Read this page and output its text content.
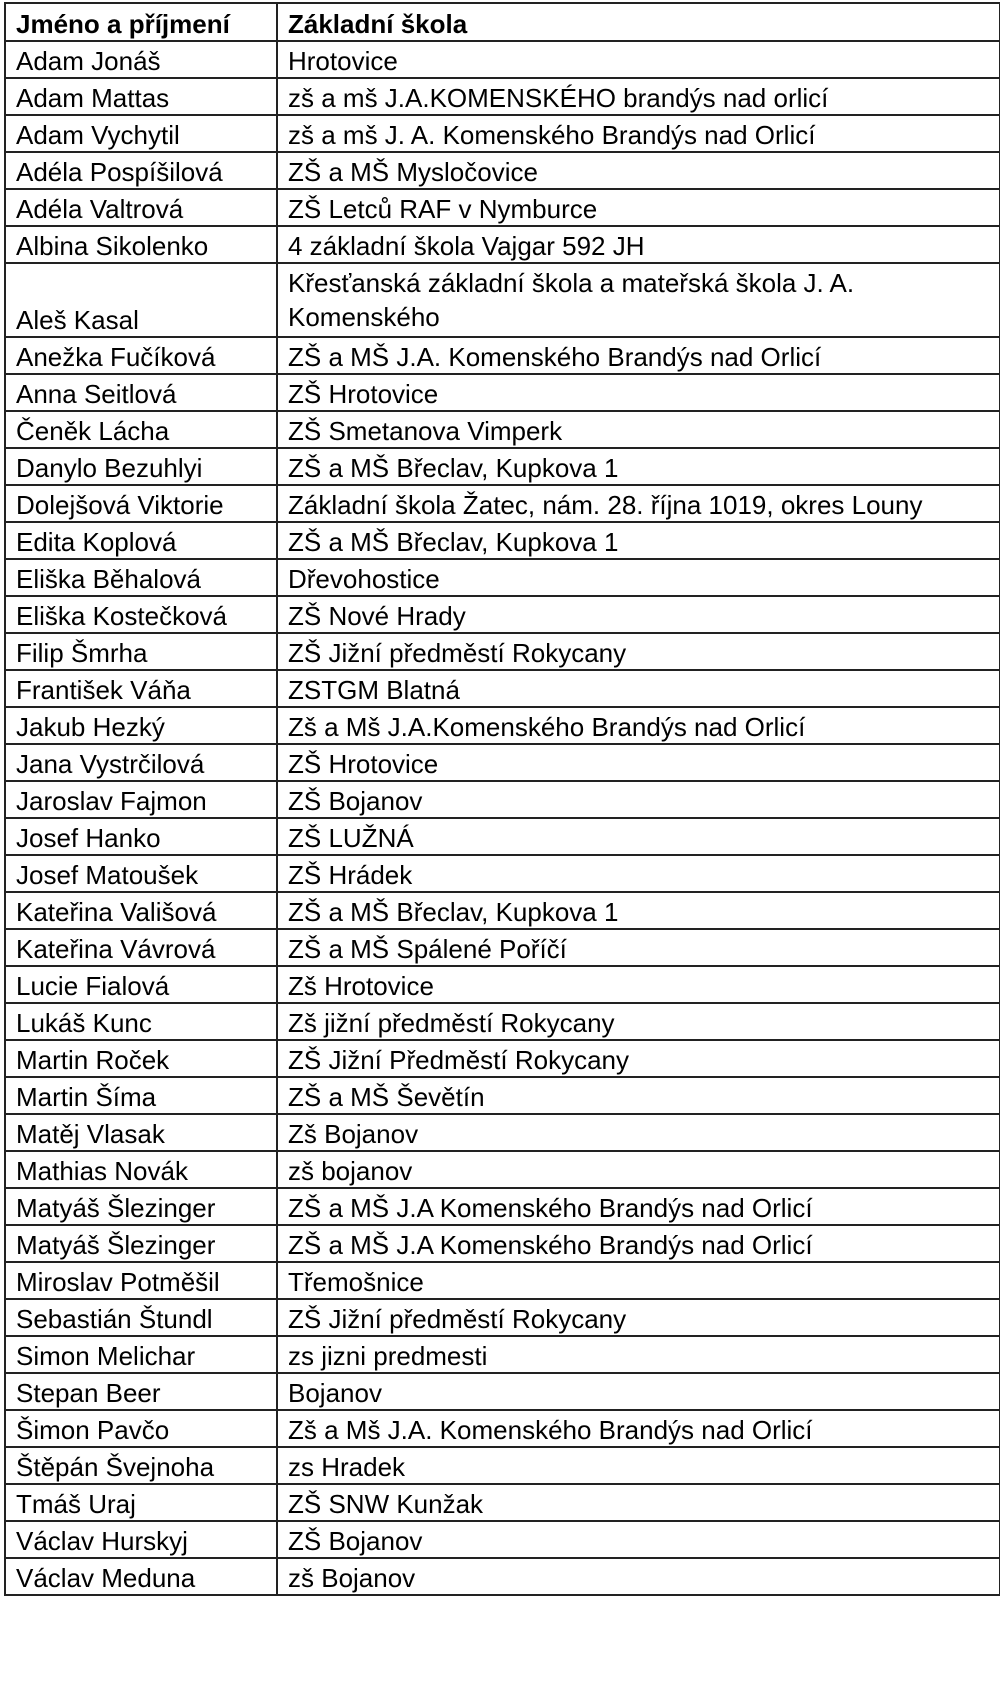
Jméno a příjmení	Základní škola
Adam Jonáš	Hrotovice
Adam Mattas	zš a mš J.A.KOMENSKÉHO brandýs nad orlicí
Adam Vychytil	zš a mš J. A. Komenského Brandýs nad Orlicí
Adéla Pospíšilová	ZŠ a MŠ Mysločovice
Adéla Valtrová	ZŠ Letců RAF v Nymburce
Albina Sikolenko	4 základní škola Vajgar 592 JH
Aleš Kasal	Křesťanská základní škola a mateřská škola J. A. Komenského
Anežka Fučíková	ZŠ a MŠ J.A. Komenského Brandýs nad Orlicí
Anna Seitlová	ZŠ Hrotovice
Čeněk Lácha	ZŠ Smetanova Vimperk
Danylo Bezuhlyi	ZŠ a MŠ Břeclav, Kupkova 1
Dolejšová Viktorie	Základní škola Žatec, nám. 28. října 1019, okres Louny
Edita Koplová	ZŠ a MŠ Břeclav, Kupkova 1
Eliška Běhalová	Dřevohostice
Eliška Kostečková	ZŠ Nové Hrady
Filip Šmrha	ZŠ Jižní předměstí Rokycany
František Váňa	ZSTGM Blatná
Jakub Hezký	Zš a Mš J.A.Komenského Brandýs nad Orlicí
Jana Vystrčilová	ZŠ Hrotovice
Jaroslav Fajmon	ZŠ Bojanov
Josef Hanko	ZŠ LUŽNÁ
Josef Matoušek	ZŠ Hrádek
Kateřina Vališová	ZŠ a MŠ Břeclav, Kupkova 1
Kateřina Vávrová	ZŠ a MŠ Spálené Poříčí
Lucie Fialová	Zš Hrotovice
Lukáš Kunc	Zš jižní předměstí Rokycany
Martin Roček	ZŠ Jižní Předměstí Rokycany
Martin Šíma	ZŠ a MŠ Ševětín
Matěj Vlasak	Zš Bojanov
Mathias Novák	zš bojanov
Matyáš Šlezinger	ZŠ a MŠ J.A Komenského Brandýs nad Orlicí
Matyáš Šlezinger	ZŠ a MŠ J.A Komenského Brandýs nad Orlicí
Miroslav Potměšil	Třemošnice
Sebastián Štundl	ZŠ Jižní předměstí Rokycany
Simon Melichar	zs jizni predmesti
Stepan Beer	Bojanov
Šimon Pavčo	Zš a Mš J.A. Komenského Brandýs nad Orlicí
Štěpán Švejnoha	zs Hradek
Tmáš Uraj	ZŠ SNW Kunžak
Václav Hurskyj	ZŠ Bojanov
Václav Meduna	zš Bojanov
